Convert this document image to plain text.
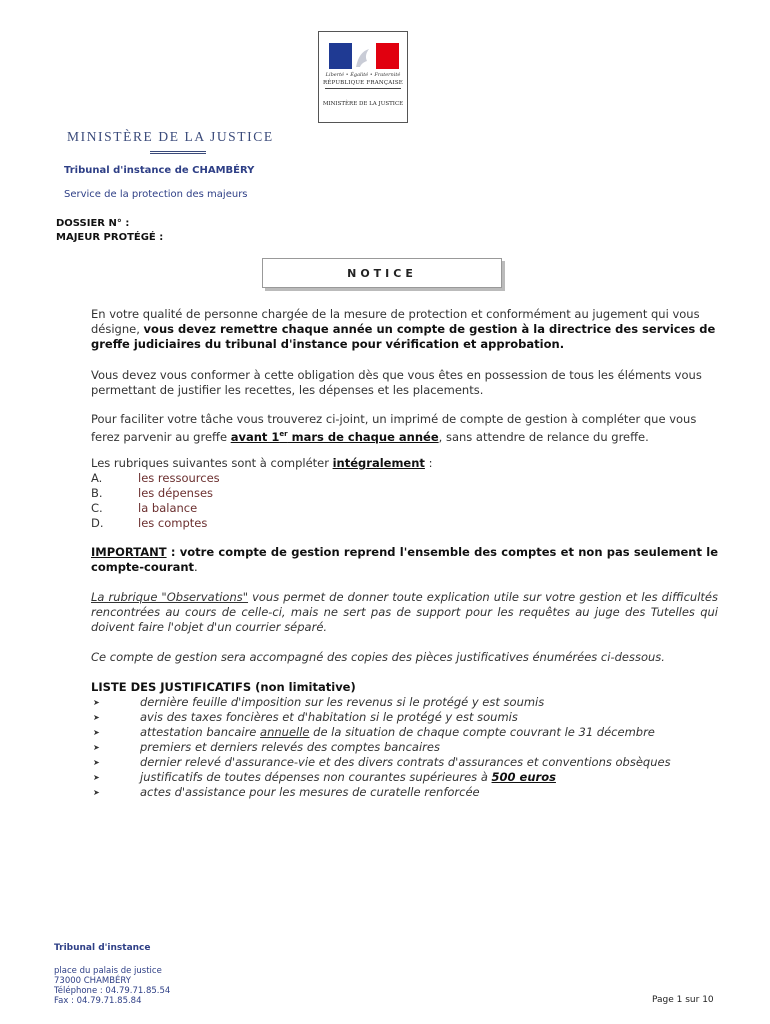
Liberté • Égalité • Fraternité
RÉPUBLIQUE FRANÇAISE
MINISTÈRE DE LA JUSTICE
MINISTÈRE DE LA JUSTICE
Tribunal d'instance de CHAMBÉRY
Service de la protection des majeurs
DOSSIER N° :
MAJEUR PROTÉGÉ :
NOTICE
En votre qualité de personne chargée de la mesure de protection et conformément au jugement qui vous désigne, vous devez remettre chaque année un compte de gestion à la directrice des services de greffe judiciaires du tribunal d'instance pour vérification et approbation.
Vous devez vous conformer à cette obligation dès que vous êtes en possession de tous les éléments vous permettant de justifier les recettes, les dépenses et les placements.
Pour faciliter votre tâche vous trouverez ci-joint, un imprimé de compte de gestion à compléter que vous ferez parvenir au greffe avant 1er mars de chaque année, sans attendre de relance du greffe.
Les rubriques suivantes sont à compléter intégralement :
A.	les ressources
B.	les dépenses
C.	la balance
D.	les comptes
IMPORTANT : votre compte de gestion reprend l'ensemble des comptes et non pas seulement le compte-courant.
La rubrique "Observations" vous permet de donner toute explication utile sur votre gestion et les difficultés rencontrées au cours de celle-ci, mais ne sert pas de support pour les requêtes au juge des Tutelles qui doivent faire l'objet d'un courrier séparé.
Ce compte de gestion sera accompagné des copies des pièces justificatives énumérées ci-dessous.
LISTE DES JUSTIFICATIFS (non limitative)
➤	dernière feuille d'imposition sur les revenus si le protégé y est soumis
➤	avis des taxes foncières et d'habitation si le protégé y est soumis
➤	attestation bancaire annuelle de la situation de chaque compte couvrant le 31 décembre
➤	premiers et derniers relevés des comptes bancaires
➤	dernier relevé d'assurance-vie et des divers contrats d'assurances et conventions obsèques
➤	justificatifs de toutes dépenses non courantes supérieures à 500 euros
➤	actes d'assistance pour les mesures de curatelle renforcée
Tribunal d'instance
place du palais de justice
73000 CHAMBÉRY
Téléphone : 04.79.71.85.54
Fax : 04.79.71.85.84	Page 1 sur 10
